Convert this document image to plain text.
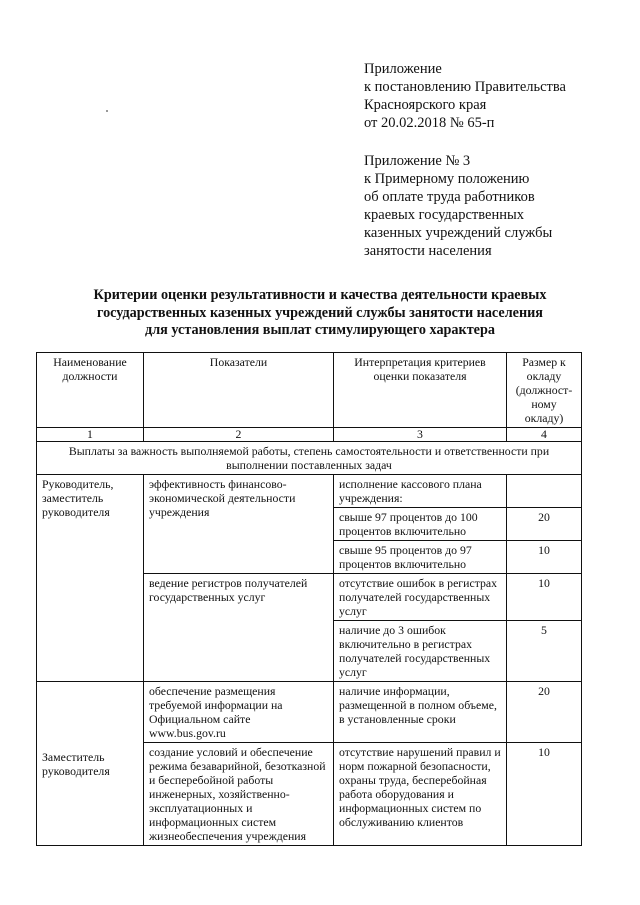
Приложение
к постановлению Правительства
Красноярского края
от 20.02.2018 № 65-п
Приложение № 3
к Примерному положению
об оплате труда работников
краевых государственных
казенных учреждений службы
занятости населения
Критерии оценки результативности и качества деятельности краевых
государственных казенных учреждений службы занятости населения
для установления выплат стимулирующего характера
Наименование должности	Показатели	Интерпретация критериев оценки показателя	Размер к окладу (должност-ному окладу)
1	2	3	4
Выплаты за важность выполняемой работы, степень самостоятельности и ответственности при выполнении поставленных задач			
Руководитель, заместитель руководителя	эффективность финансово-экономической деятельности учреждения	исполнение кассового плана учреждения:	
		свыше 97 процентов до 100 процентов включительно	20
		свыше 95 процентов до 97 процентов включительно	10
	ведение регистров получателей государственных услуг	отсутствие ошибок в регистрах получателей государственных услуг	10
		наличие до 3 ошибок включительно в регистрах получателей государственных услуг	5
Заместитель руководителя	обеспечение размещения требуемой информации на Официальном сайте www.bus.gov.ru	наличие информации, размещенной в полном объеме, в установленные сроки	20
	создание условий и обеспечение режима безаварийной, безотказной и бесперебойной работы инженерных, хозяйственно-эксплуатационных и информационных систем жизнеобеспечения учреждения	отсутствие нарушений правил и норм пожарной безопасности, охраны труда, бесперебойная работа оборудования и информационных систем по обслуживанию клиентов	10
